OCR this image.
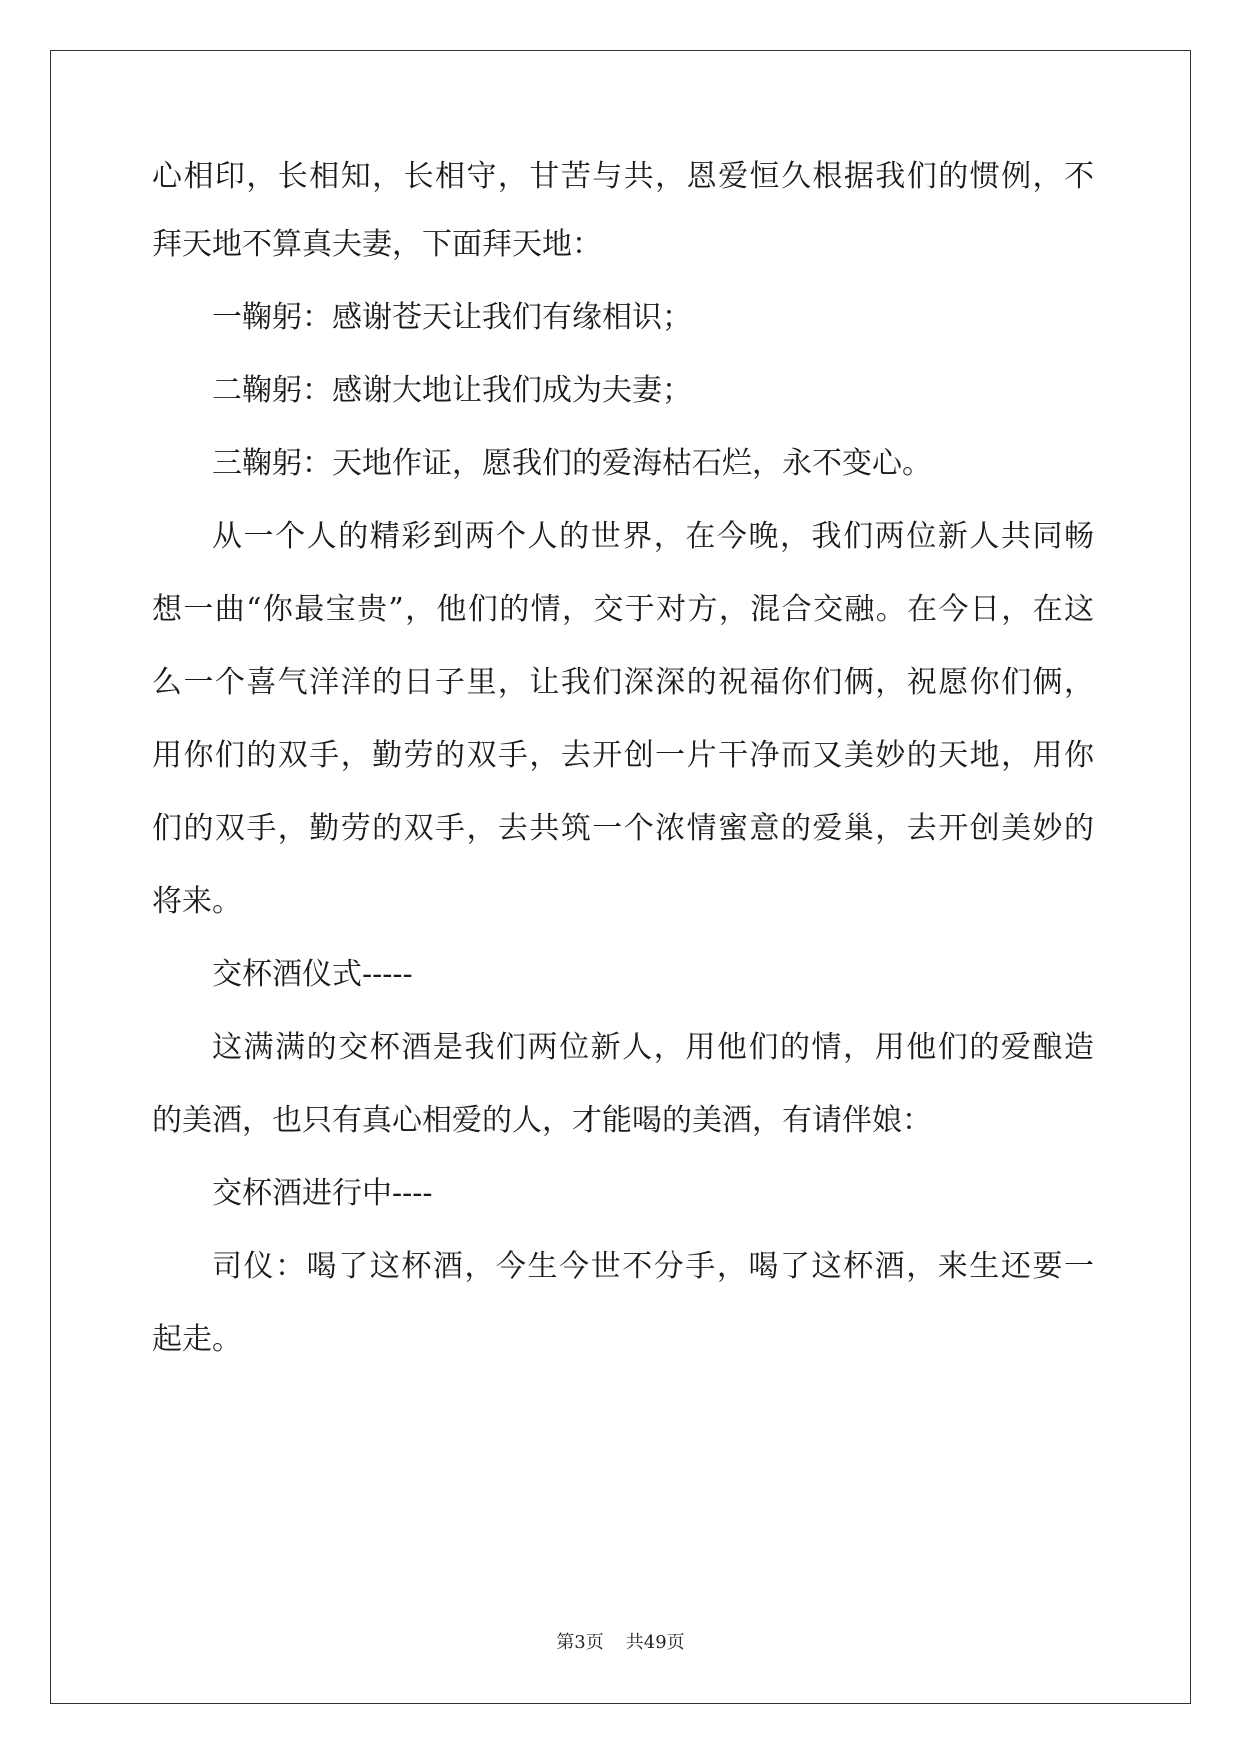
心相印，长相知，长相守，甘苦与共，恩爱恒久根据我们的惯例，不
拜天地不算真夫妻，下面拜天地：
一鞠躬：感谢苍天让我们有缘相识；
二鞠躬：感谢大地让我们成为夫妻；
三鞠躬：天地作证，愿我们的爱海枯石烂，永不变心。
从一个人的精彩到两个人的世界，在今晚，我们两位新人共同畅
想一曲“你最宝贵”，他们的情，交于对方，混合交融。在今日，在这
么一个喜气洋洋的日子里，让我们深深的祝福你们俩，祝愿你们俩，
用你们的双手，勤劳的双手，去开创一片干净而又美妙的天地，用你
们的双手，勤劳的双手，去共筑一个浓情蜜意的爱巢，去开创美妙的
将来。
交杯酒仪式-----
这满满的交杯酒是我们两位新人，用他们的情，用他们的爱酿造
的美酒，也只有真心相爱的人，才能喝的美酒，有请伴娘：
交杯酒进行中----
司仪：喝了这杯酒，今生今世不分手，喝了这杯酒，来生还要一
起走。
第3页 共49页
